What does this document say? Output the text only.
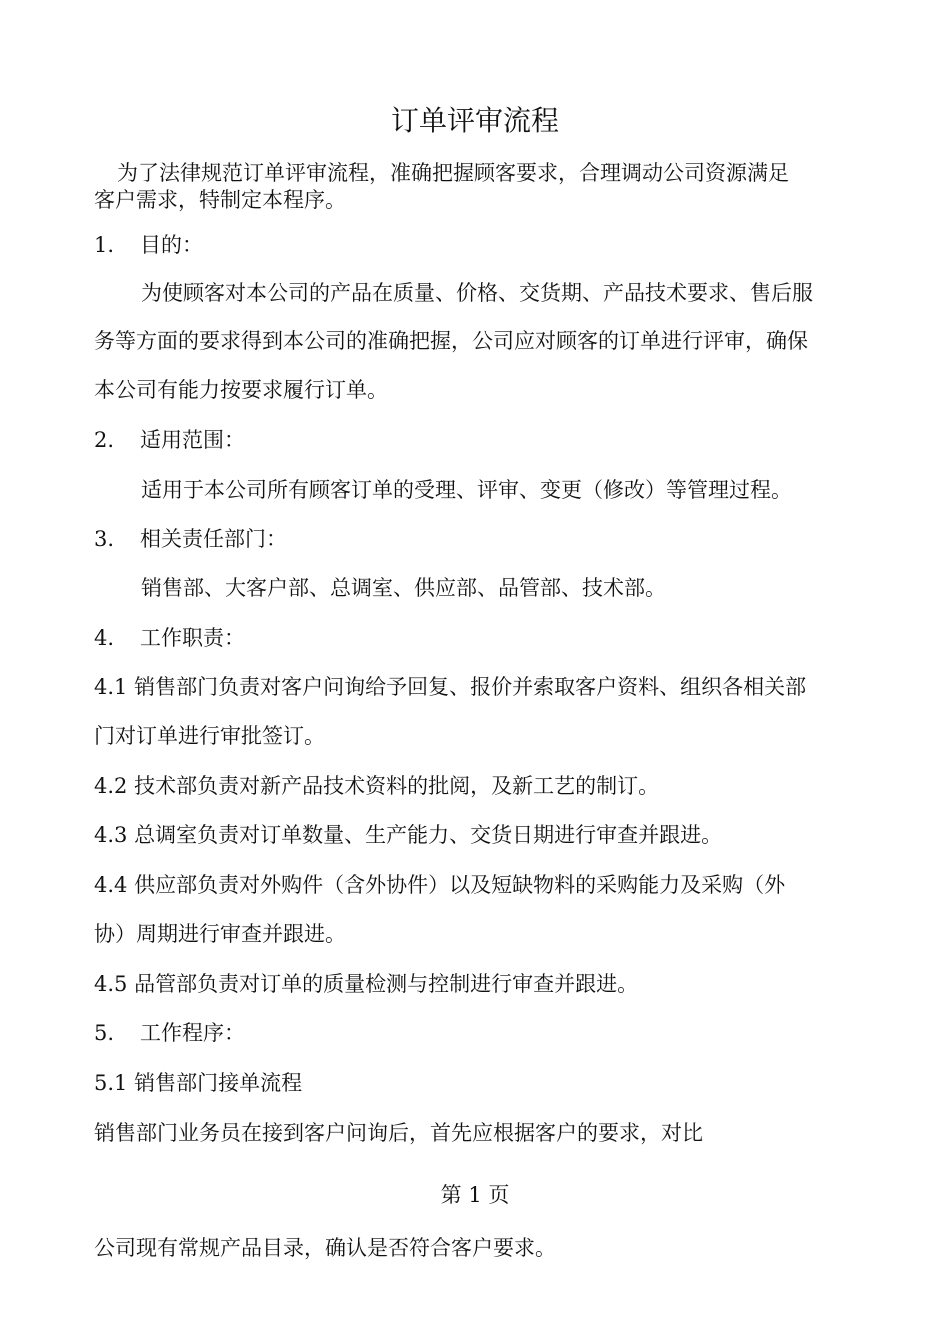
订单评审流程
为了法律规范订单评审流程，准确把握顾客要求，合理调动公司资源满足
客户需求，特制定本程序。
1. 目的：
为使顾客对本公司的产品在质量、价格、交货期、产品技术要求、售后服
务等方面的要求得到本公司的准确把握，公司应对顾客的订单进行评审，确保
本公司有能力按要求履行订单。
2. 适用范围：
适用于本公司所有顾客订单的受理、评审、变更（修改）等管理过程。
3. 相关责任部门：
销售部、大客户部、总调室、供应部、品管部、技术部。
4. 工作职责：
4.1 销售部门负责对客户问询给予回复、报价并索取客户资料、组织各相关部
门对订单进行审批签订。
4.2 技术部负责对新产品技术资料的批阅，及新工艺的制订。
4.3 总调室负责对订单数量、生产能力、交货日期进行审查并跟进。
4.4 供应部负责对外购件（含外协件）以及短缺物料的采购能力及采购（外
协）周期进行审查并跟进。
4.5 品管部负责对订单的质量检测与控制进行审查并跟进。
5. 工作程序：
5.1 销售部门接单流程
销售部门业务员在接到客户问询后，首先应根据客户的要求，对比
第 1 页
公司现有常规产品目录，确认是否符合客户要求。
